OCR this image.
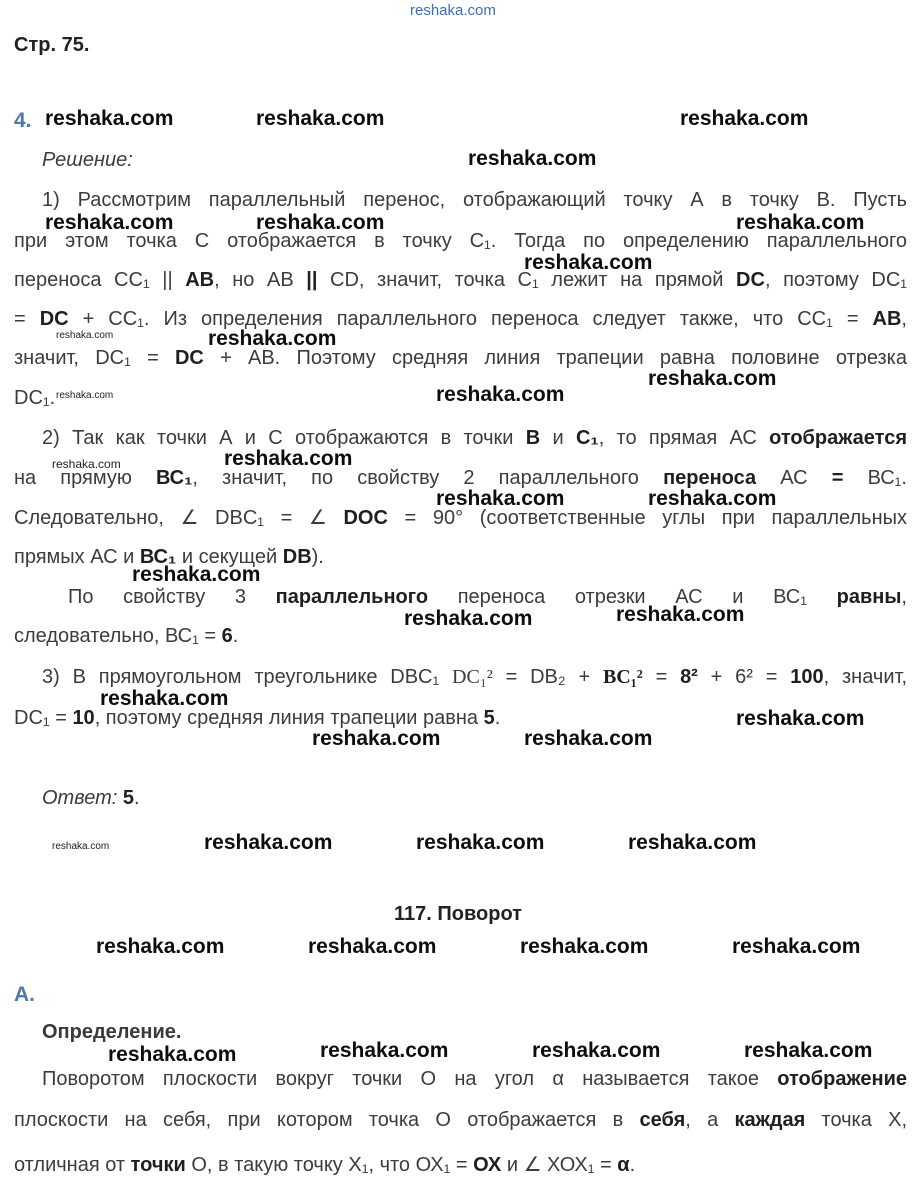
reshaka.com
Стр. 75.
4.
Решение:
1) Рассмотрим параллельный перенос, отображающий точку А в точку В. Пусть
при этом точка С отображается в точку С₁. Тогда по определению параллельного
переноса СС₁ || АВ, но АВ || CD, значит, точка С₁ лежит на прямой DC, поэтому DC₁
= DC + CC₁. Из определения параллельного переноса следует также, что CC₁ = AB,
значит, DC₁ = DC + АВ. Поэтому средняя линия трапеции равна половине отрезка
DC₁.
2) Так как точки А и С отображаются в точки В и С₁, то прямая АС отображается
на прямую ВС₁, значит, по свойству 2 параллельного переноса АС = ВС₁.
Следовательно, ∠ DBC₁ = ∠ DOC = 90° (соответственные углы при параллельных
прямых АС и ВС₁ и секущей DB).
По свойству 3 параллельного переноса отрезки АС и ВС₁ равны,
следовательно, ВС₁ = 6.
3) В прямоугольном треугольнике DBC₁ DC₁² = DB₂ + BC₁² = 8² + 6² = 100, значит,
DC₁ = 10, поэтому средняя линия трапеции равна 5.
Ответ: 5.
117. Поворот
А.
Определение.
Поворотом плоскости вокруг точки О на угол α называется такое отображение
плоскости на себя, при котором точка О отображается в себя, а каждая точка Х,
отличная от точки О, в такую точку Х₁, что ОХ₁ = ОХ и ∠ ХОХ₁ = α.
reshaka.com	reshaka.com	reshaka.com
reshaka.com
reshaka.com	reshaka.com	reshaka.com
reshaka.com
reshaka.com	reshaka.com
reshaka.com
reshaka.com	reshaka.com
reshaka.com	reshaka.com
reshaka.com	reshaka.com
reshaka.com
reshaka.com
reshaka.com
reshaka.com
reshaka.com
reshaka.com	reshaka.com
reshaka.com	reshaka.com	reshaka.com	reshaka.com
reshaka.com	reshaka.com	reshaka.com	reshaka.com
reshaka.com	reshaka.com	reshaka.com	reshaka.com
